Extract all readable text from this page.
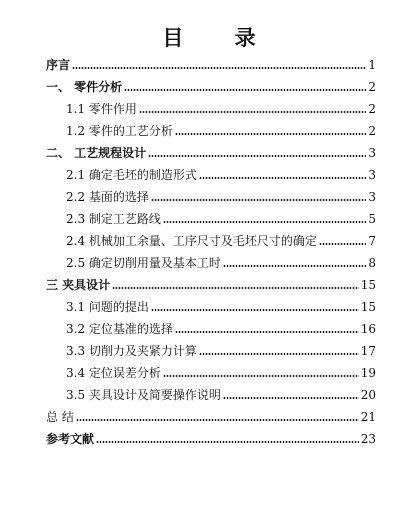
目 录
序言	1
一、 零件分析	2
1.1 零件作用	2
1.2 零件的工艺分析	2
二、 工艺规程设计	3
2.1 确定毛坯的制造形式	3
2.2 基面的选择	3
2.3 制定工艺路线	5
2.4 机械加工余量、工序尺寸及毛坯尺寸的确定	7
2.5 确定切削用量及基本工时	8
三 夹具设计	15
3.1 问题的提出	15
3.2 定位基准的选择	16
3.3 切削力及夹紧力计算	17
3.4 定位误差分析	19
3.5 夹具设计及简要操作说明	20
总 结	21
参考文献	23
